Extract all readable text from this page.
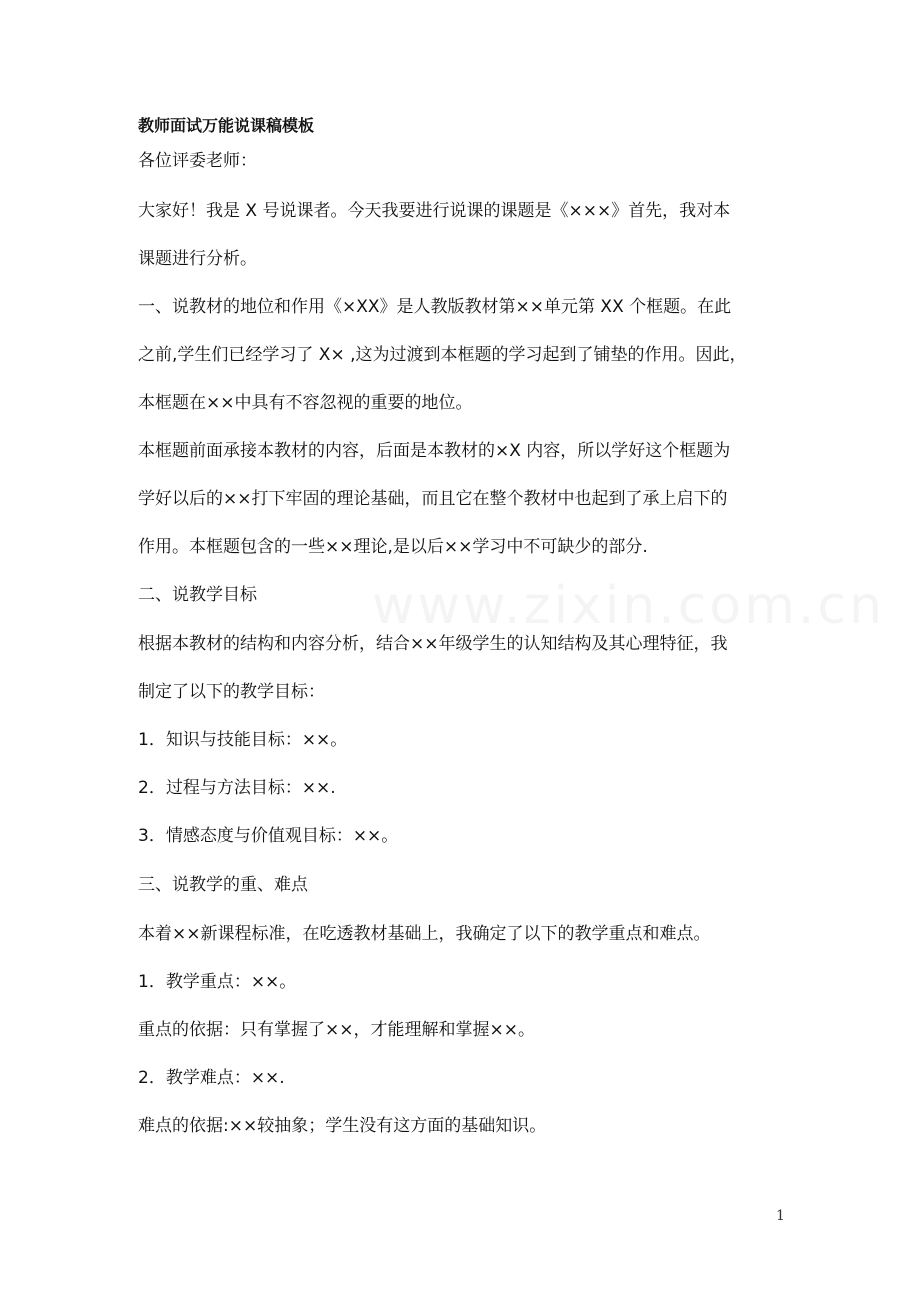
教师面试万能说课稿模板
各位评委老师：
大家好！我是 X 号说课者。今天我要进行说课的课题是《×××》首先，我对本
课题进行分析。
一、说教材的地位和作用《×XX》是人教版教材第××单元第 XX 个框题。在此
之前,学生们已经学习了 X× ,这为过渡到本框题的学习起到了铺垫的作用。因此，
本框题在××中具有不容忽视的重要的地位。
本框题前面承接本教材的内容，后面是本教材的×X 内容，所以学好这个框题为
学好以后的××打下牢固的理论基础，而且它在整个教材中也起到了承上启下的
作用。本框题包含的一些××理论,是以后××学习中不可缺少的部分.
二、说教学目标
根据本教材的结构和内容分析，结合××年级学生的认知结构及其心理特征，我
制定了以下的教学目标：
1．知识与技能目标：××。
2．过程与方法目标：××.
3．情感态度与价值观目标：××。
三、说教学的重、难点
本着××新课程标准，在吃透教材基础上，我确定了以下的教学重点和难点。
1．教学重点：××。
重点的依据：只有掌握了××，才能理解和掌握××。
2．教学难点：××.
难点的依据:××较抽象；学生没有这方面的基础知识。
1
